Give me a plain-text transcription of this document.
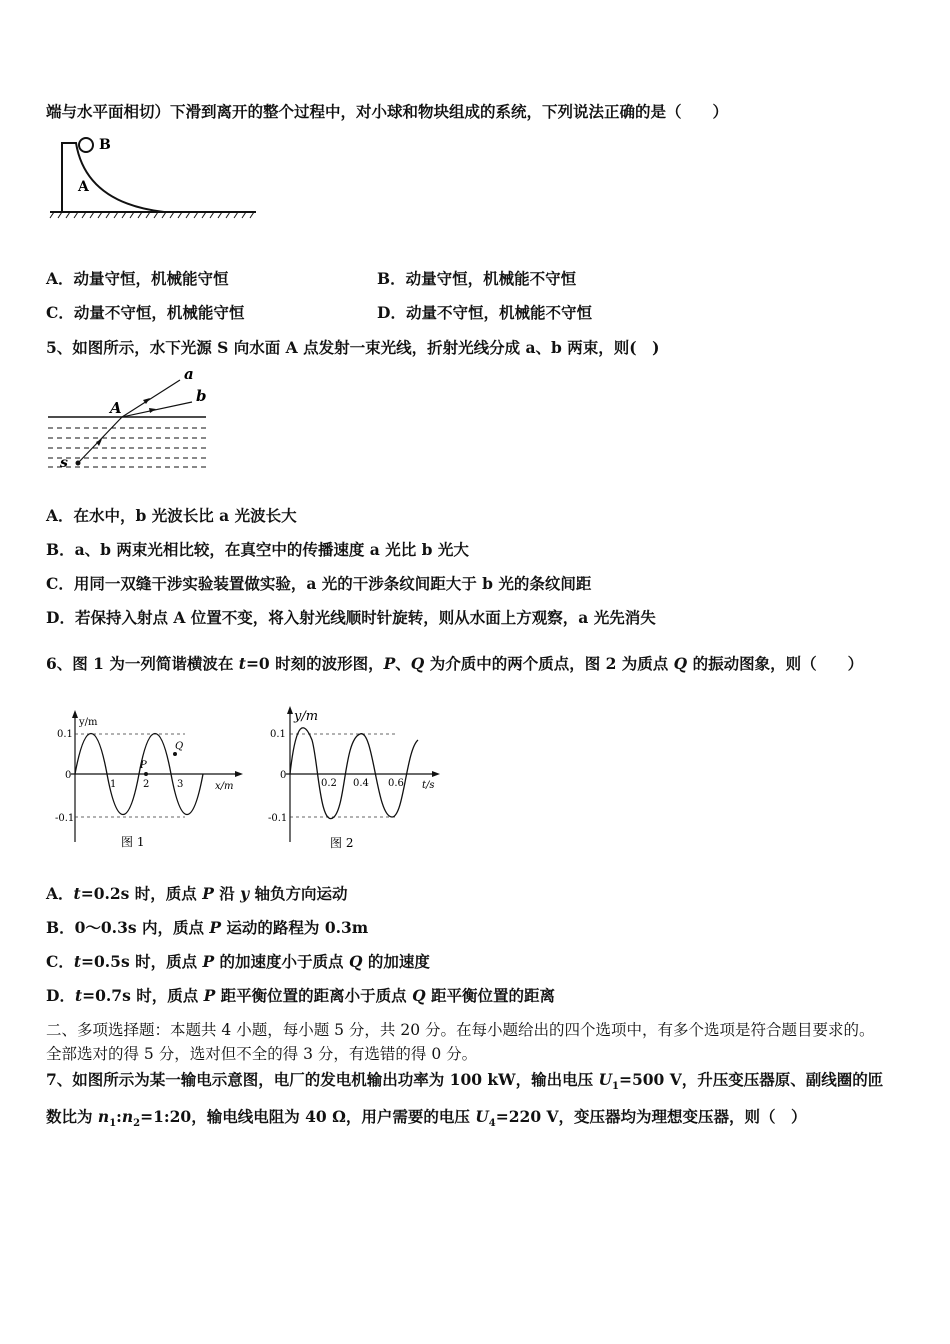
端与水平面相切）下滑到离开的整个过程中，对小球和物块组成的系统，下列说法正确的是（　　）
B
A
A．动量守恒，机械能守恒	B．动量守恒，机械能不守恒
C．动量不守恒，机械能守恒	D．动量不守恒，机械能不守恒
5、如图所示，水下光源 S 向水面 A 点发射一束光线，折射光线分成 a、b 两束，则(　)
a
b
A
s
A．在水中，b 光波长比 a 光波长大
B．a、b 两束光相比较，在真空中的传播速度 a 光比 b 光大
C．用同一双缝干涉实验装置做实验，a 光的干涉条纹间距大于 b 光的条纹间距
D．若保持入射点 A 位置不变，将入射光线顺时针旋转，则从水面上方观察，a 光先消失
6、图 1 为一列简谐横波在 t=0 时刻的波形图，P、Q 为介质中的两个质点，图 2 为质点 Q 的振动图象，则（　　）
y/m
0.1
0
-0.1
1	2	3	x/m
P
Q
图 1
y/m
0.1
0
-0.1
0.2 0.4 0.6 t/s
图 2
A．t=0.2s 时，质点 P 沿 y 轴负方向运动
B．0～0.3s 内，质点 P 运动的路程为 0.3m
C．t=0.5s 时，质点 P 的加速度小于质点 Q 的加速度
D．t=0.7s 时，质点 P 距平衡位置的距离小于质点 Q 距平衡位置的距离
二、多项选择题：本题共 4 小题，每小题 5 分，共 20 分。在每小题给出的四个选项中，有多个选项是符合题目要求的。
全部选对的得 5 分，选对但不全的得 3 分，有选错的得 0 分。
7、如图所示为某一输电示意图，电厂的发电机输出功率为 100 kW，输出电压 $U_1=500$ V，升压变压器原、副线圈的匝
数比为 $n_1:n_2=1:20$，输电线电阻为 40 Ω，用户需要的电压 $U_4=220$ V，变压器均为理想变压器，则（　）
